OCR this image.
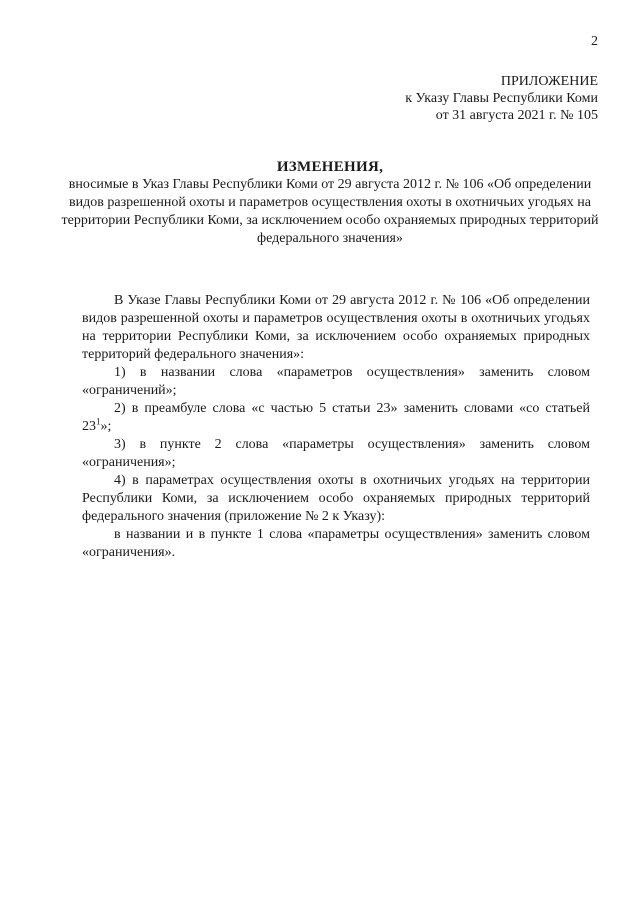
2
ПРИЛОЖЕНИЕ
к Указу Главы Республики Коми
от 31 августа 2021 г. № 105
ИЗМЕНЕНИЯ,
вносимые в Указ Главы Республики Коми от 29 августа 2012 г. № 106 «Об определении видов разрешенной охоты и параметров осуществления охоты в охотничьих угодьях на территории Республики Коми, за исключением особо охраняемых природных территорий федерального значения»

В Указе Главы Республики Коми от 29 августа 2012 г. № 106 «Об определении видов разрешенной охоты и параметров осуществления охоты в охотничьих угодьях на территории Республики Коми, за исключением особо охраняемых природных территорий федерального значения»:

1) в названии слова «параметров осуществления» заменить словом «ограничений»;

2) в преамбуле слова «с частью 5 статьи 23» заменить словами «со статьей $23^1$»;

3) в пункте 2 слова «параметры осуществления» заменить словом «ограничения»;

4) в параметрах осуществления охоты в охотничьих угодьях на территории Республики Коми, за исключением особо охраняемых природных территорий федерального значения (приложение № 2 к Указу):

в названии и в пункте 1 слова «параметры осуществления» заменить словом «ограничения».
